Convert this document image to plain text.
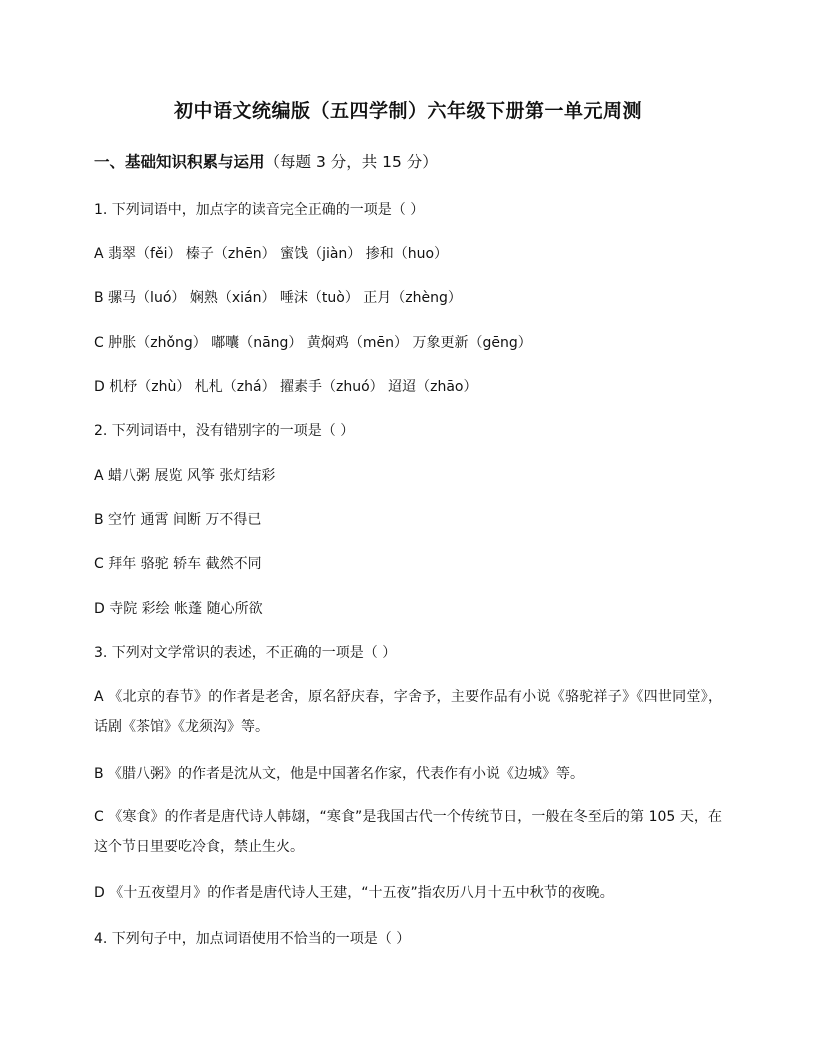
初中语文统编版（五四学制）六年级下册第一单元周测
一、基础知识积累与运用（每题 3 分，共 15 分）
1. 下列词语中，加点字的读音完全正确的一项是（ ）
A 翡翠（fěi） 榛子（zhēn） 蜜饯（jiàn） 掺和（huo）
B 骡马（luó） 娴熟（xián） 唾沫（tuò） 正月（zhèng）
C 肿胀（zhǒng） 嘟囔（nāng） 黄焖鸡（mēn） 万象更新（gēng）
D 机杼（zhù） 札札（zhá） 擢素手（zhuó） 迢迢（zhāo）
2. 下列词语中，没有错别字的一项是（ ）
A 蜡八粥 展览 风筝 张灯结彩
B 空竹 通霄 间断 万不得已
C 拜年 骆驼 轿车 截然不同
D 寺院 彩绘 帐蓬 随心所欲
3. 下列对文学常识的表述，不正确的一项是（ ）
A 《北京的春节》的作者是老舍，原名舒庆春，字舍予，主要作品有小说《骆驼祥子》《四世同堂》，话剧《茶馆》《龙须沟》等。
B 《腊八粥》的作者是沈从文，他是中国著名作家，代表作有小说《边城》等。
C 《寒食》的作者是唐代诗人韩翃，“寒食”是我国古代一个传统节日，一般在冬至后的第 105 天，在这个节日里要吃冷食，禁止生火。
D 《十五夜望月》的作者是唐代诗人王建，“十五夜”指农历八月十五中秋节的夜晚。
4. 下列句子中，加点词语使用不恰当的一项是（ ）
